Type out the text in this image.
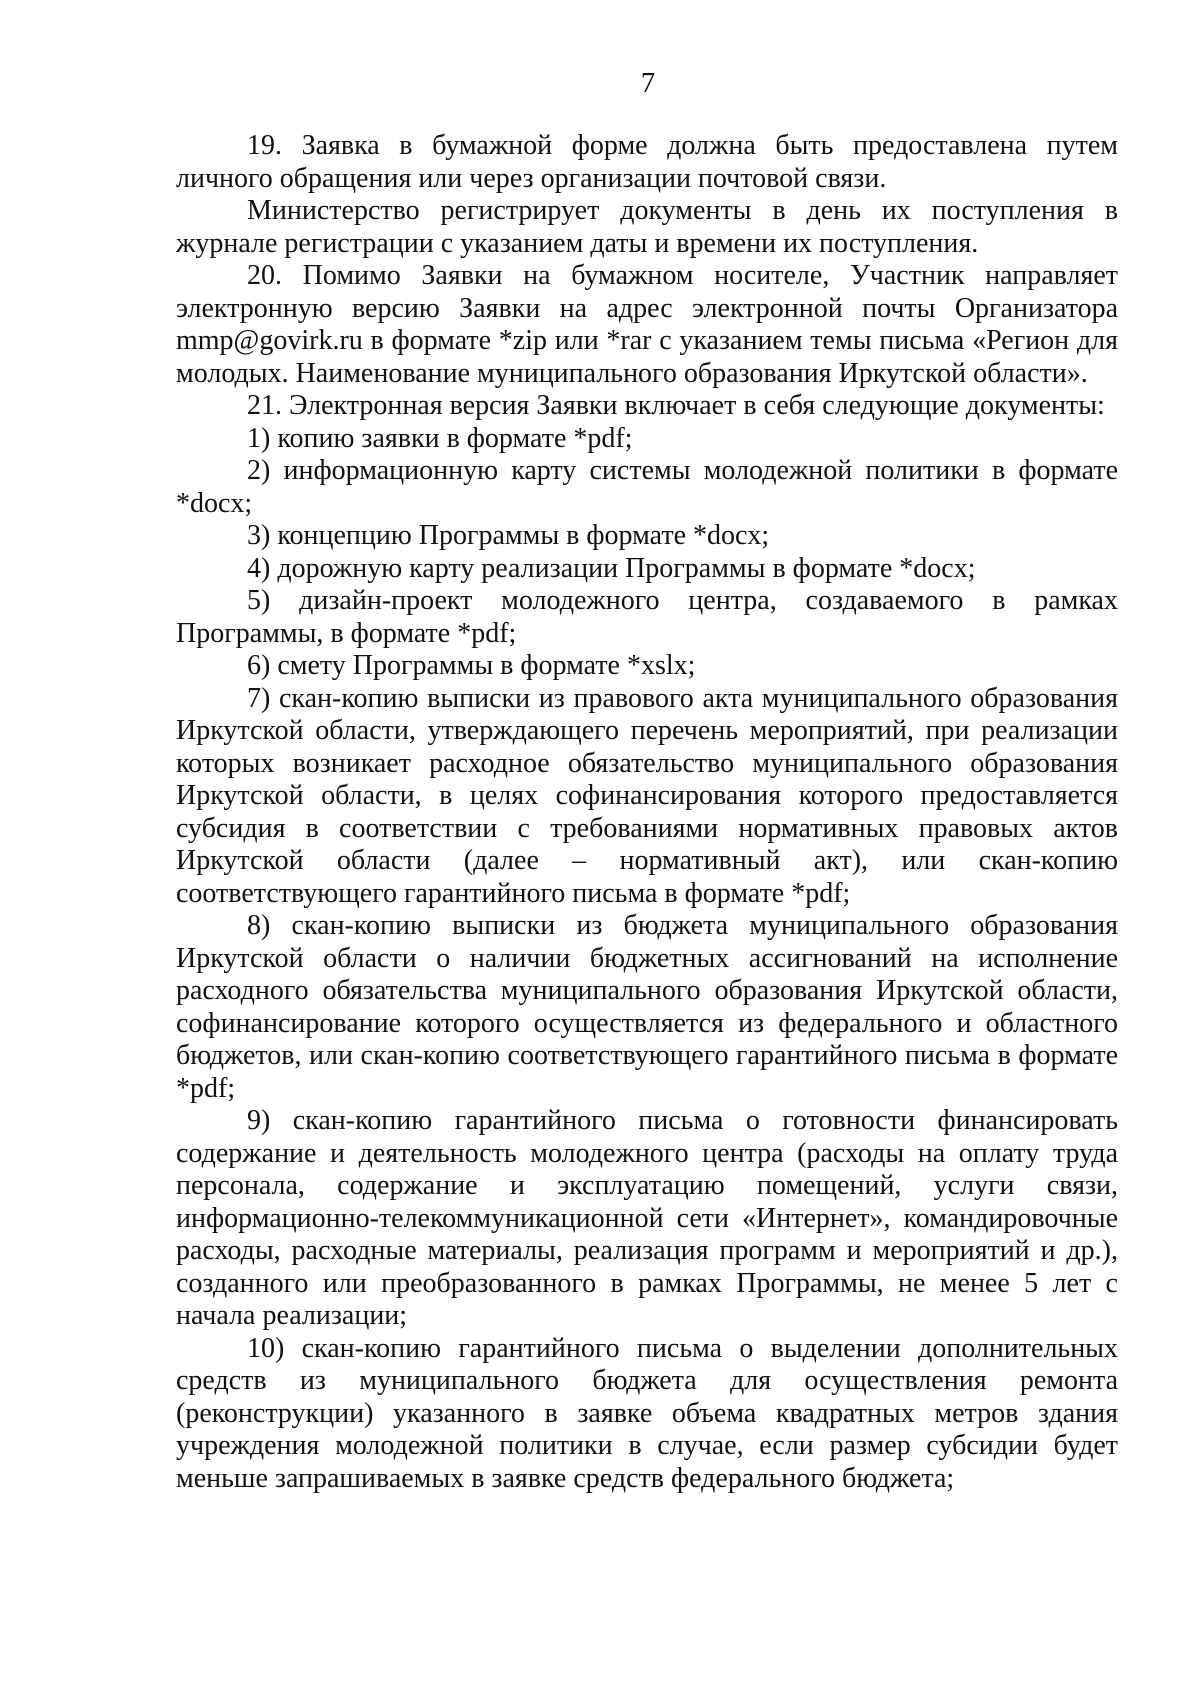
7

19. Заявка в бумажной форме должна быть предоставлена путем личного обращения или через организации почтовой связи.

Министерство регистрирует документы в день их поступления в журнале регистрации с указанием даты и времени их поступления.

20. Помимо Заявки на бумажном носителе, Участник направляет электронную версию Заявки на адрес электронной почты Организатора mmp@govirk.ru в формате *zip или *rar с указанием темы письма «Регион для молодых. Наименование муниципального образования Иркутской области».

21. Электронная версия Заявки включает в себя следующие документы:

1) копию заявки в формате *pdf;

2) информационную карту системы молодежной политики в формате *docx;

3) концепцию Программы в формате *docx;

4) дорожную карту реализации Программы в формате *docx;

5) дизайн-проект молодежного центра, создаваемого в рамках Программы, в формате *pdf;

6) смету Программы в формате *xslx;

7) скан-копию выписки из правового акта муниципального образования Иркутской области, утверждающего перечень мероприятий, при реализации которых возникает расходное обязательство муниципального образования Иркутской области, в целях софинансирования которого предоставляется субсидия в соответствии с требованиями нормативных правовых актов Иркутской области (далее – нормативный акт), или скан-копию соответствующего гарантийного письма в формате *pdf;

8) скан-копию выписки из бюджета муниципального образования Иркутской области о наличии бюджетных ассигнований на исполнение расходного обязательства муниципального образования Иркутской области, софинансирование которого осуществляется из федерального и областного бюджетов, или скан-копию соответствующего гарантийного письма в формате *pdf;

9) скан-копию гарантийного письма о готовности финансировать содержание и деятельность молодежного центра (расходы на оплату труда персонала, содержание и эксплуатацию помещений, услуги связи, информационно-телекоммуникационной сети «Интернет», командировочные расходы, расходные материалы, реализация программ и мероприятий и др.), созданного или преобразованного в рамках Программы, не менее 5 лет с начала реализации;

10) скан-копию гарантийного письма о выделении дополнительных средств из муниципального бюджета для осуществления ремонта (реконструкции) указанного в заявке объема квадратных метров здания учреждения молодежной политики в случае, если размер субсидии будет меньше запрашиваемых в заявке средств федерального бюджета;
